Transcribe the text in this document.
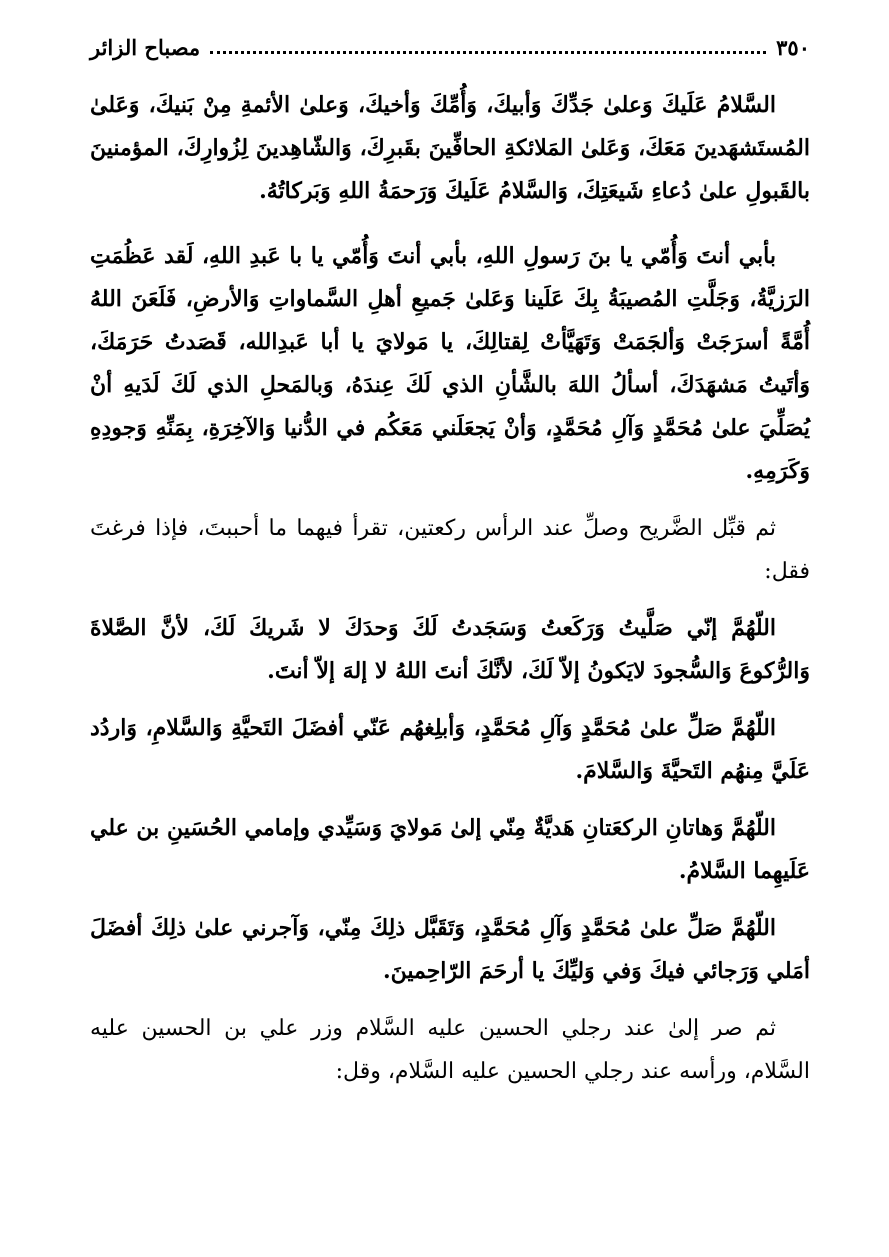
٣٥٠
مصباح الزائر

السَّلامُ عَلَيكَ وَعلىٰ جَدِّكَ وَأبيكَ، وَأُمِّكَ وَأخيكَ، وَعلىٰ الأئمةِ مِنْ بَنيكَ، وَعَلىٰ المُستَشهَدينَ مَعَكَ، وَعَلىٰ المَلائكةِ الحافِّينَ بقَبرِكَ، وَالشّاهِدينَ لِزُوارِكَ، المؤمنينَ بالقَبولِ علىٰ دُعاءِ شَيعَتِكَ، وَالسَّلامُ عَلَيكَ وَرَحمَةُ اللهِ وَبَركاتُهُ.

بأبي أنتَ وَأُمّي يا بنَ رَسولِ اللهِ، بأبي أنتَ وَأُمّي يا با عَبدِ اللهِ، لَقد عَظُمَتِ الرَزيَّةُ، وَجَلَّتِ المُصيبَةُ بِكَ عَلَينا وَعَلىٰ جَميعِ أهلِ السَّماواتِ وَالأرضِ، فَلَعَنَ اللهُ أُمَّةً أسرَجَتْ وَألجَمَتْ وَتَهَيَّأتْ لِقتالِكَ، يا مَولايَ يا أبا عَبدِالله، قَصَدتُ حَرَمَكَ، وَأتَيتُ مَشهَدَكَ، أسألُ اللهَ بالشَّأنِ الذي لَكَ عِندَهُ، وَبالمَحلِ الذي لَكَ لَدَيهِ أنْ يُصَلِّيَ علىٰ مُحَمَّدٍ وَآلِ مُحَمَّدٍ، وَأنْ يَجعَلَني مَعَكُم في الدُّنيا وَالآخِرَةِ، بِمَنِّهِ وَجودِهِ وَكَرَمِهِ.

ثم قبِّل الضَّريح وصلِّ عند الرأس ركعتين، تقرأ فيهما ما أحببتَ، فإذا فرغتَ فقل:

اللّهُمَّ إنّي صَلَّيتُ وَرَكَعتُ وَسَجَدتُ لَكَ وَحدَكَ لا شَريكَ لَكَ، لأنَّ الصَّلاةَ وَالرُّكوعَ وَالسُّجودَ لايَكونُ إلاّ لَكَ، لأنَّكَ أنتَ اللهُ لا إلهَ إلاّ أنتَ.

اللّهُمَّ صَلِّ علىٰ مُحَمَّدٍ وَآلِ مُحَمَّدٍ، وَأبلِغهُم عَنّي أفضَلَ التَحيَّةِ وَالسَّلامِ، وَاردُد عَلَيَّ مِنهُم التَحيَّةَ وَالسَّلامَ.

اللّهُمَّ وَهاتانِ الركعَتانِ هَديَّةٌ مِنّي إلىٰ مَولايَ وَسَيِّدي وإمامي الحُسَينِ بن علي عَلَيهِما السَّلامُ.

اللّهُمَّ صَلِّ علىٰ مُحَمَّدٍ وَآلِ مُحَمَّدٍ، وَتَقَبَّل ذلِكَ مِنّي، وَآجرني علىٰ ذلِكَ أفضَلَ أمَلي وَرَجائي فيكَ وَفي وَليِّكَ يا أرحَمَ الرّاحِمينَ.

ثم صر إلىٰ عند رجلي الحسين عليه السَّلام وزر علي بن الحسين عليه السَّلام، ورأسه عند رجلي الحسين عليه السَّلام، وقل:
